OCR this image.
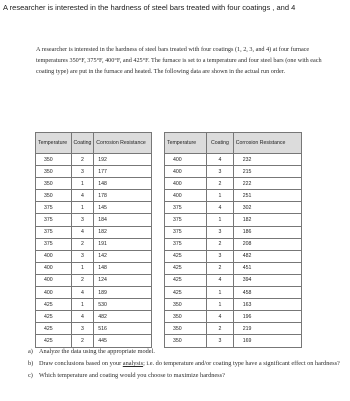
A researcher is interested in the hardness of steel bars treated with four coatings , and 4
A researcher is interested in the hardness of steel bars treated with four coatings (1, 2, 3, and 4) at four furnace temperatures 350°F, 375°F, 400°F, and 425°F. The furnace is set to a temperature and four steel bars (one with each coating type) are put in the furnace and heated. The following data are shown in the actual run order.
Temperature	Coating	Corrosion Resistance
350	2	192
350	3	177
350	1	148
350	4	178
375	1	145
375	3	184
375	4	182
375	2	191
400	3	142
400	1	148
400	2	124
400	4	189
425	1	530
425	4	482
425	3	516
425	2	445
Temperature	Coating	Corrosion Resistance
400	4	232
400	3	215
400	2	222
400	1	251
375	4	302
375	1	182
375	3	186
375	2	208
425	3	482
425	2	451
425	4	394
425	1	458
350	1	163
350	4	196
350	2	219
350	3	169
a) Analyze the data using the appropriate model.
b) Draw conclusions based on your analysis; i.e. do temperature and/or coating type have a significant effect on hardness?
c) Which temperature and coating would you choose to maximize hardness?
